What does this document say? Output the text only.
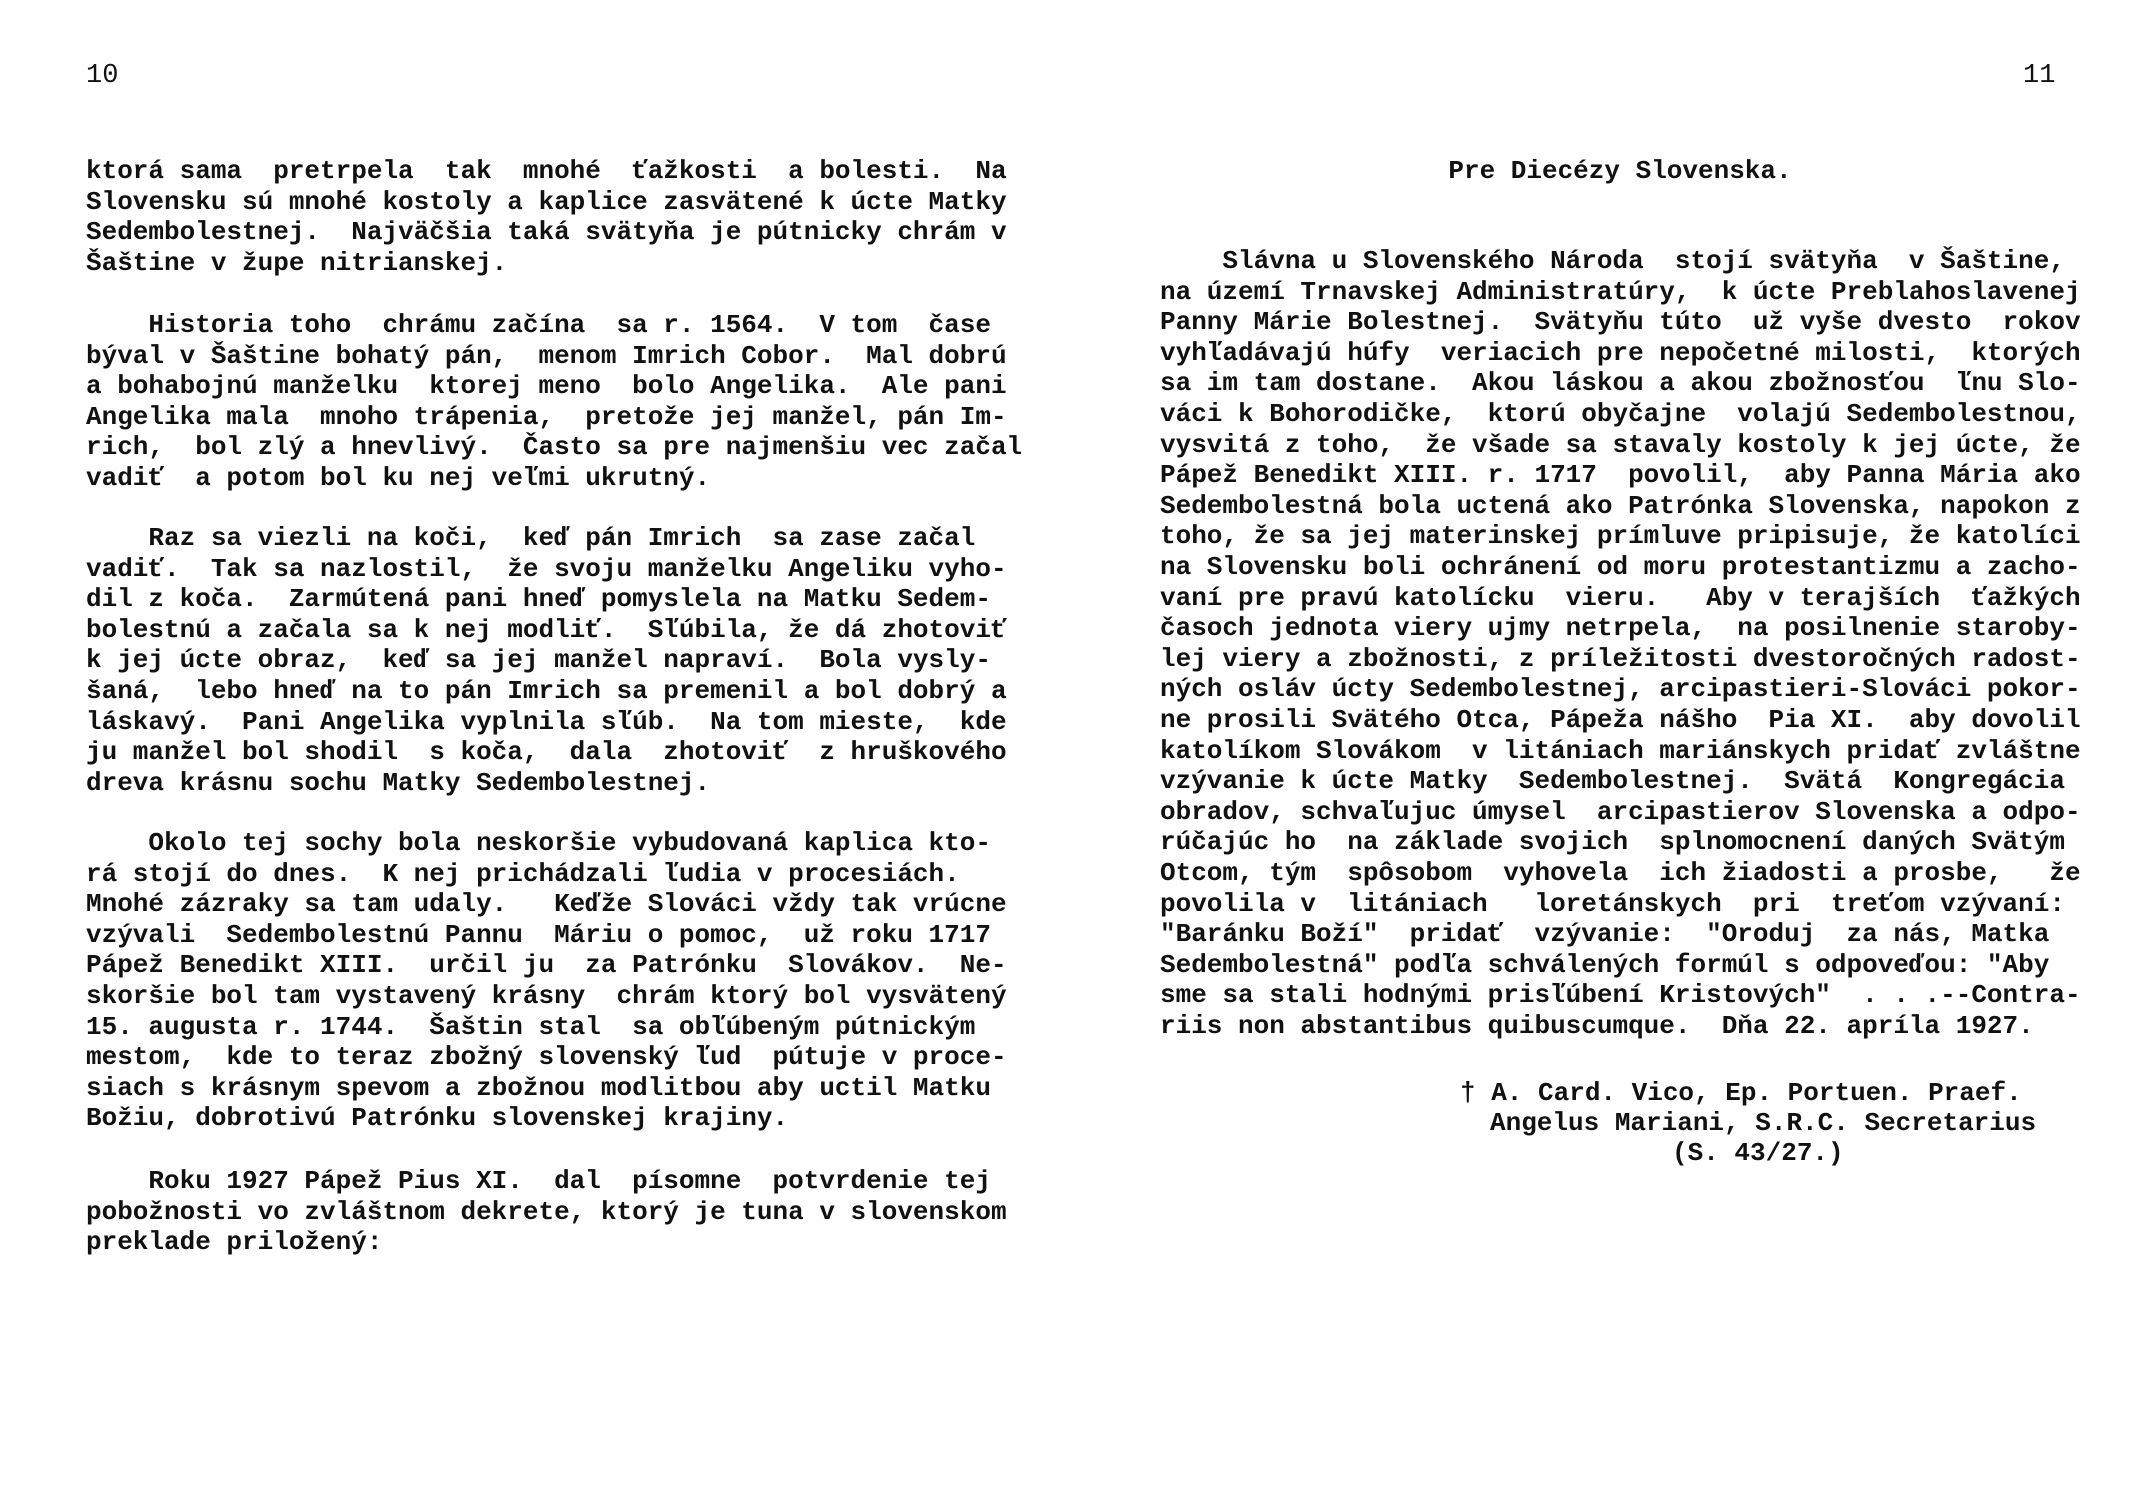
10	11
ktorá sama  pretrpela  tak  mnohé  ťažkosti  a bolesti.  Na
Slovensku sú mnohé kostoly a kaplice zasvätené k úcte Matky
Sedembolestnej.  Najväčšia taká svätyňa je pútnicky chrám v
Šaštine v župe nitrianskej.
Historia toho  chrámu začína  sa r. 1564.  V tom  čase
býval v Šaštine bohatý pán,  menom Imrich Cobor.  Mal dobrú
a bohabojnú manželku  ktorej meno  bolo Angelika.  Ale pani
Angelika mala  mnoho trápenia,  pretože jej manžel, pán Im-
rich,  bol zlý a hnevlivý.  Často sa pre najmenšiu vec začal
vadiť  a potom bol ku nej veľmi ukrutný.
Raz sa viezli na koči,  keď pán Imrich  sa zase začal
vadiť.  Tak sa nazlostil,  že svoju manželku Angeliku vyho-
dil z koča.  Zarmútená pani hneď pomyslela na Matku Sedem-
bolestnú a začala sa k nej modliť.  Sľúbila, že dá zhotoviť
k jej úcte obraz,  keď sa jej manžel napraví.  Bola vysly-
šaná,  lebo hneď na to pán Imrich sa premenil a bol dobrý a
láskavý.  Pani Angelika vyplnila sľúb.  Na tom mieste,  kde
ju manžel bol shodil  s koča,  dala  zhotoviť  z hruškového
dreva krásnu sochu Matky Sedembolestnej.
Okolo tej sochy bola neskoršie vybudovaná kaplica kto-
rá stojí do dnes.  K nej prichádzali ľudia v procesiách.
Mnohé zázraky sa tam udaly.   Keďže Slováci vždy tak vrúcne
vzývali  Sedembolestnú Pannu  Máriu o pomoc,  už roku 1717
Pápež Benedikt XIII.  určil ju  za Patrónku  Slovákov.  Ne-
skoršie bol tam vystavený krásny  chrám ktorý bol vysvätený
15. augusta r. 1744.  Šaštin stal  sa obľúbeným pútnickým
mestom,  kde to teraz zbožný slovenský ľud  pútuje v proce-
siach s krásnym spevom a zbožnou modlitbou aby uctil Matku
Božiu, dobrotivú Patrónku slovenskej krajiny.
Roku 1927 Pápež Pius XI.  dal  písomne  potvrdenie tej
pobožnosti vo zvláštnom dekrete, ktorý je tuna v slovenskom
preklade priložený:
Pre Diecézy Slovenska.
Slávna u Slovenského Národa  stojí svätyňa  v Šaštine,
na území Trnavskej Administratúry,  k úcte Preblahoslavenej
Panny Márie Bolestnej.  Svätyňu túto  už vyše dvesto  rokov
vyhľadávajú húfy  veriacich pre nepočetné milosti,  ktorých
sa im tam dostane.  Akou láskou a akou zbožnosťou  ľnu Slo-
váci k Bohorodičke,  ktorú obyčajne  volajú Sedembolestnou,
vysvitá z toho,  že všade sa stavaly kostoly k jej úcte, že
Pápež Benedikt XIII. r. 1717  povolil,  aby Panna Mária ako
Sedembolestná bola uctená ako Patrónka Slovenska, napokon z
toho, že sa jej materinskej prímluve pripisuje, že katolíci
na Slovensku boli ochránení od moru protestantizmu a zacho-
vaní pre pravú katolícku  vieru.   Aby v terajších  ťažkých
časoch jednota viery ujmy netrpela,  na posilnenie staroby-
lej viery a zbožnosti, z príležitosti dvestoročných radost-
ných osláv úcty Sedembolestnej, arcipastieri-Slováci pokor-
ne prosili Svätého Otca, Pápeža nášho  Pia XI.  aby dovolil
katolíkom Slovákom  v litániach mariánskych pridať zvláštne
vzývanie k úcte Matky  Sedembolestnej.  Svätá  Kongregácia
obradov, schvaľujuc úmysel  arcipastierov Slovenska a odpo-
rúčajúc ho  na základe svojich  splnomocnení daných Svätým
Otcom, tým  spôsobom  vyhovela  ich žiadosti a prosbe,   že
povolila v  litániach   loretánskych  pri  treťom vzývaní:
"Baránku Boží"  pridať  vzývanie:  "Oroduj  za nás, Matka
Sedembolestná" podľa schválených formúl s odpoveďou: "Aby
sme sa stali hodnými prisľúbení Kristových"  . . .--Contra-
riis non abstantibus quibuscumque.  Dňa 22. apríla 1927.
† A. Card. Vico, Ep. Portuen. Praef.
Angelus Mariani, S.R.C. Secretarius
(S. 43/27.)
